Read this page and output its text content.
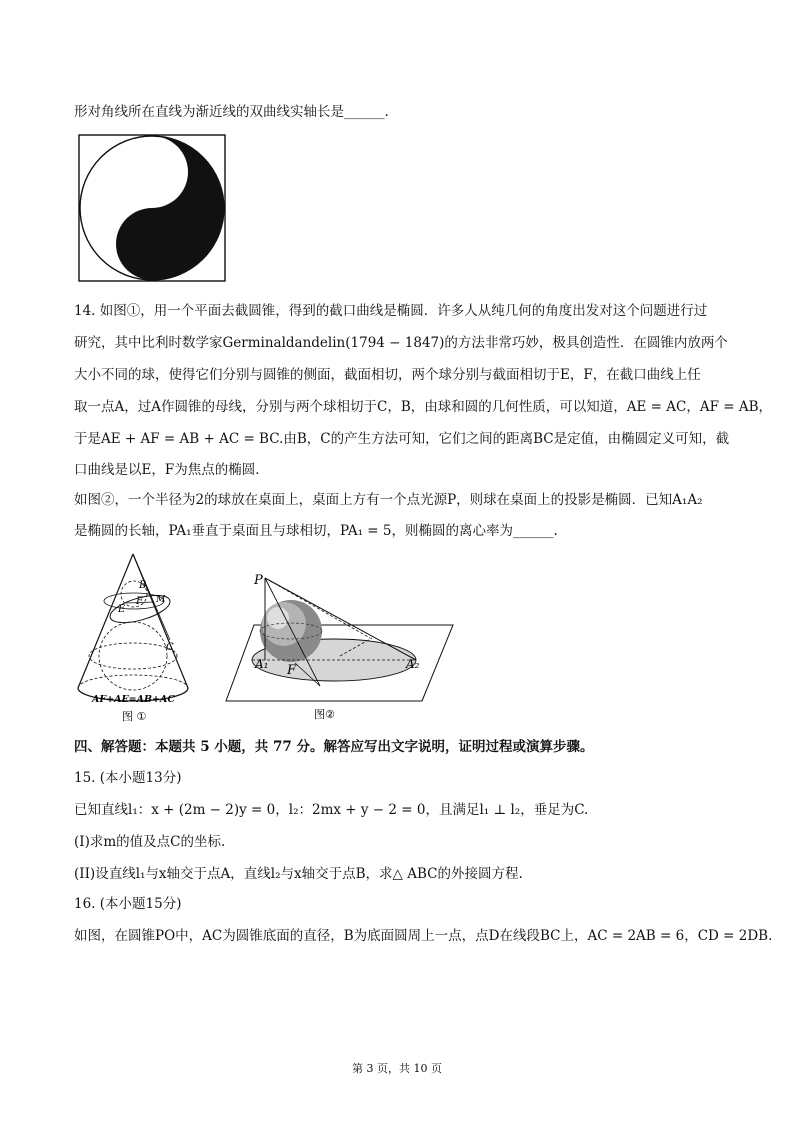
形对角线所在直线为渐近线的双曲线实轴长是______.
14. 如图①，用一个平面去截圆锥，得到的截口曲线是椭圆．许多人从纯几何的角度出发对这个问题进行过
研究，其中比利时数学家Germinaldandelin(1794 − 1847)的方法非常巧妙，极具创造性．在圆锥内放两个
大小不同的球，使得它们分别与圆锥的侧面，截面相切，两个球分别与截面相切于E，F，在截口曲线上任
取一点A，过A作圆锥的母线，分别与两个球相切于C，B，由球和圆的几何性质，可以知道，AE = AC，AF = AB，
于是AE + AF = AB + AC = BC.由B，C的产生方法可知，它们之间的距离BC是定值，由椭圆定义可知，截
口曲线是以E，F为焦点的椭圆．
如图②，一个半径为2的球放在桌面上，桌面上方有一个点光源P，则球在桌面上的投影是椭圆．已知A₁A₂
是椭圆的长轴，PA₁垂直于桌面且与球相切，PA₁ = 5，则椭圆的离心率为______.
B
E
F M
C
AF+AE=AB+AC
图 ①
P
A₁ F	A₂
图②
四、解答题：本题共 5 小题，共 77 分。解答应写出文字说明，证明过程或演算步骤。
15. (本小题13分)
已知直线l₁：x + (2m − 2)y = 0，l₂：2mx + y − 2 = 0，且满足l₁ ⊥ l₂，垂足为C.
(I)求m的值及点C的坐标.
(II)设直线l₁与x轴交于点A，直线l₂与x轴交于点B，求△ ABC的外接圆方程.
16. (本小题15分)
如图，在圆锥PO中，AC为圆锥底面的直径，B为底面圆周上一点，点D在线段BC上，AC = 2AB = 6，CD = 2DB.
第 3 页，共 10 页
